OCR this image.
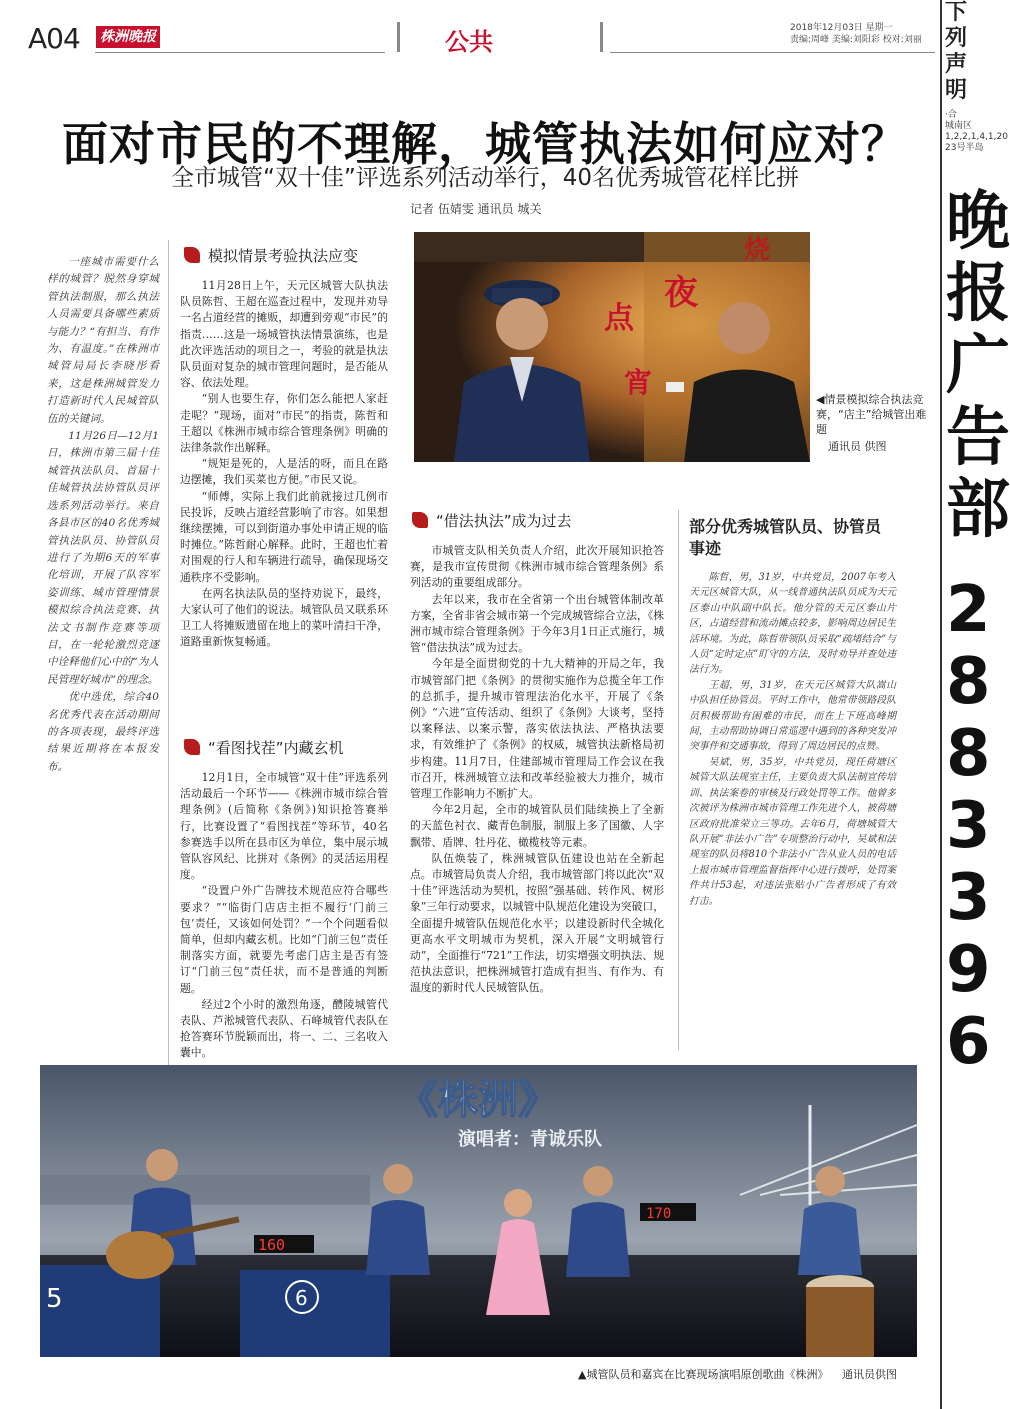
A04 株洲晚报	公共	2018年12月03日 星期一
责编:周峰 美编:刘阳彩 校对:刘丽
下列
声明
·合
城南区
1,2,2,1,4,1,20
23号半岛
晚
报
广
告
部
2
8
8
3
3
9
6
面对市民的不理解，城管执法如何应对？
全市城管“双十佳”评选系列活动举行，40名优秀城管花样比拼
记者 伍婧雯 通讯员 城关

一座城市需要什么样的城管？脱然身穿城管执法制服，那么执法人员需要具备哪些素质与能力？“有担当、有作为、有温度。”在株洲市城管局局长李晓彤看来，这是株洲城管发力打造新时代人民城管队伍的关键词。

11月26日—12月1日，株洲市第三届十佳城管执法队员、首届十佳城管执法协管队员评选系列活动举行。来自各县市区的40名优秀城管执法队员、协管队员进行了为期6天的军事化培训，开展了队容军姿训练、城市管理情景模拟综合执法竞赛、执法文书制作竞赛等项目，在一轮轮激烈竞逐中诠释他们心中的“为人民管理好城市”的理念。

优中选优，综合40名优秀代表在活动期间的各项表现，最终评选结果近期将在本报发布。

模拟情景考验执法应变

11月28日上午，天元区城管大队执法队员陈哲、王超在巡查过程中，发现并劝导一名占道经营的摊贩，却遭到旁观“市民”的指责……这是一场城管执法情景演练，也是此次评选活动的项目之一，考验的就是执法队员面对复杂的城市管理问题时，是否能从容、依法处理。

“别人也要生存，你们怎么能把人家赶走呢？”现场，面对“市民”的指责，陈哲和王超以《株洲市城市综合管理条例》明确的法律条款作出解释。

“规矩是死的，人是活的呀，而且在路边摆摊，我们买菜也方便。”市民又说。

“师傅，实际上我们此前就接过几例市民投诉，反映占道经营影响了市容。如果想继续摆摊，可以到街道办事处申请正规的临时摊位。”陈哲耐心解释。此时，王超也忙着对围观的行人和车辆进行疏导，确保现场交通秩序不受影响。

在两名执法队员的坚持劝说下，最终，大家认可了他们的说法。城管队员又联系环卫工人将摊贩遗留在地上的菜叶清扫干净，道路重新恢复畅通。

“看图找茬”内藏玄机

12月1日，全市城管“双十佳”评选系列活动最后一个环节——《株洲市城市综合管理条例》(后简称《条例》)知识抢答赛举行，比赛设置了“看图找茬”等环节，40名参赛选手以所在县市区为单位，集中展示城管队容风纪、比拼对《条例》的灵活运用程度。

“设置户外广告牌技术规范应符合哪些要求？”“临街门店店主拒不履行‘门前三包’责任，又该如何处罚？”一个个问题看似简单，但却内藏玄机。比如“门前三包”责任制落实方面，就要先考虑门店主是否有签订“门前三包”责任状，而不是普通的判断题。

经过2个小时的激烈角逐，醴陵城管代表队、芦淞城管代表队、石峰城管代表队在抢答赛环节脱颖而出，将一、二、三名收入囊中。

烧
夜
点
宵
◀情景模拟综合执法竞赛，“店主”给城管出难题
通讯员 供图
“借法执法”成为过去

市城管支队相关负责人介绍，此次开展知识抢答赛，是我市宣传贯彻《株洲市城市综合管理条例》系列活动的重要组成部分。

去年以来，我市在全省第一个出台城管体制改革方案，全省非省会城市第一个完成城管综合立法，《株洲市城市综合管理条例》于今年3月1日正式施行，城管“借法执法”成为过去。

今年是全面贯彻党的十九大精神的开局之年，我市城管部门把《条例》的贯彻实施作为总揽全年工作的总抓手，提升城市管理法治化水平，开展了《条例》“六进”宣传活动、组织了《条例》大谈考，坚持以案释法、以案示警，落实依法执法、严格执法要求，有效维护了《条例》的权威，城管执法新格局初步构建。11月7日，住建部城市管理局工作会议在我市召开，株洲城管立法和改革经验被大力推介，城市管理工作影响力不断扩大。

今年2月起，全市的城管队员们陆续换上了全新的天蓝色衬衣、藏青色制服，制服上多了国徽、人字飘带、盾牌、牡丹花、橄榄枝等元素。

队伍焕装了，株洲城管队伍建设也站在全新起点。市城管局负责人介绍，我市城管部门将以此次“双十佳”评选活动为契机，按照“强基础、转作风、树形象”三年行动要求，以城管中队规范化建设为突破口，全面提升城管队伍规范化水平；以建设新时代全城化更高水平文明城市为契机，深入开展“文明城管行动”，全面推行“721”工作法，切实增强文明执法、规范执法意识，把株洲城管打造成有担当、有作为、有温度的新时代人民城管队伍。

部分优秀城管队员、协管员事迹

陈哲，男，31岁，中共党员，2007年考入天元区城管大队，从一线普通执法队员成为天元区泰山中队副中队长。他分管的天元区泰山片区，占道经营和流动摊点较多，影响周边居民生活环境。为此，陈哲带领队员采取“疏堵结合”与人员“定时定点”盯守的方法，及时劝导并查处违法行为。

王超，男，31岁，在天元区城管大队嵩山中队担任协管员。平时工作中，他常带领路段队员积极帮助有困难的市民，而在上下班高峰期间，主动帮助协调日常巡逻中遇到的各种突发冲突事件和交通事故，得到了周边居民的点赞。

吴斌，男，35岁，中共党员，现任荷塘区城管大队法规室主任，主要负责大队法制宣传培训、执法案卷的审核及行政处罚等工作。他曾多次被评为株洲市城市管理工作先进个人，被荷塘区政府批准荣立三等功。去年6月，荷塘城管大队开展“非法小广告”专项整治行动中，吴斌和法规室的队员将810个非法小广告从业人员的电话上报市城市管理监督指挥中心进行拨呼，处罚案件共计53起，对违法张贴小广告者形成了有效打击。

《株洲》
演唱者：青诚乐队
5	6
160
170
▲城管队员和嘉宾在比赛现场演唱原创歌曲《株洲》 通讯员供图
